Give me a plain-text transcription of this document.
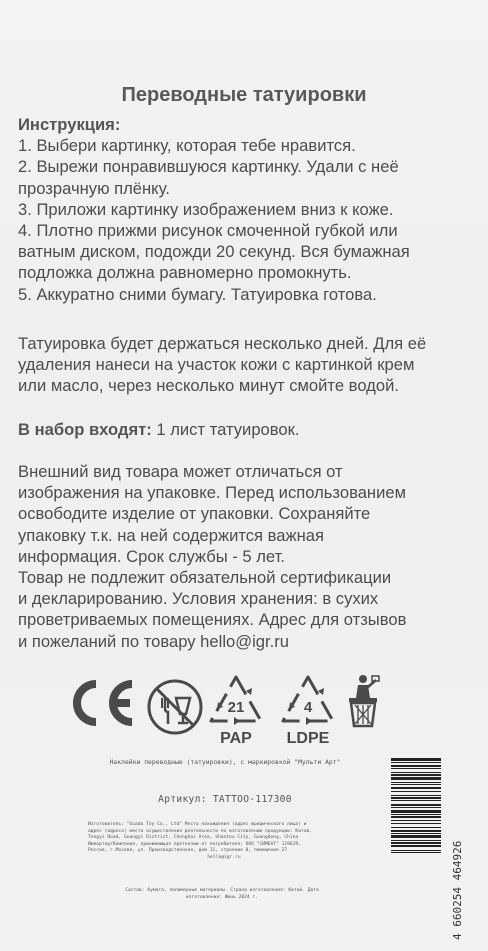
Переводные татуировки
Инструкция:
1. Выбери картинку, которая тебе нравится.
2. Вырежи понравившуюся картинку. Удали с неё
прозрачную плёнку.
3. Приложи картинку изображением вниз к коже.
4. Плотно прижми рисунок смоченной губкой или
ватным диском, подожди 20 секунд. Вся бумажная
подложка должна равномерно промокнуть.
5. Аккуратно сними бумагу. Татуировка готова.
Татуировка будет держаться несколько дней. Для её
удаления нанеси на участок кожи с картинкой крем
или масло, через несколько минут смойте водой.
В набор входят: 1 лист татуировок.
Внешний вид товара может отличаться от
изображения на упаковке. Перед использованием
освободите изделие от упаковки. Сохраняйте
упаковку т.к. на ней содержится важная
информация. Срок службы - 5 лет.
Товар не подлежит обязательной сертификации
и декларированию. Условия хранения: в сухих
проветриваемых помещениях. Адрес для отзывов
и пожеланий по товару hello@igr.ru
21
PAP
4
LDPE
Наклейки переводные (татуировки), с маркировкой "Мульти Арт"
Артикул: TATTOO-117300
Изготовитель: "Guada Toy Co., Ltd" Место нахождения (адрес юридического лица) и
адрес (адреса) места осуществления деятельности по изготовлению продукции: Китай,
Tengyi Road, Guangyi District, Chenghai Area, Shantou City, Guangdong, China
Импортер/Компания, принимающая претензии от потребителя: ООО "СИМБАТ" 119619,
Россия, г.Москва, ул. Производственная, дом 11, строение 8, помещение 27
hello@igr.ru
Состав: бумага, полимерные материалы. Страна изготовления: Китай. Дата
изготовления: Июнь 2024 г.	4 660254 464926
